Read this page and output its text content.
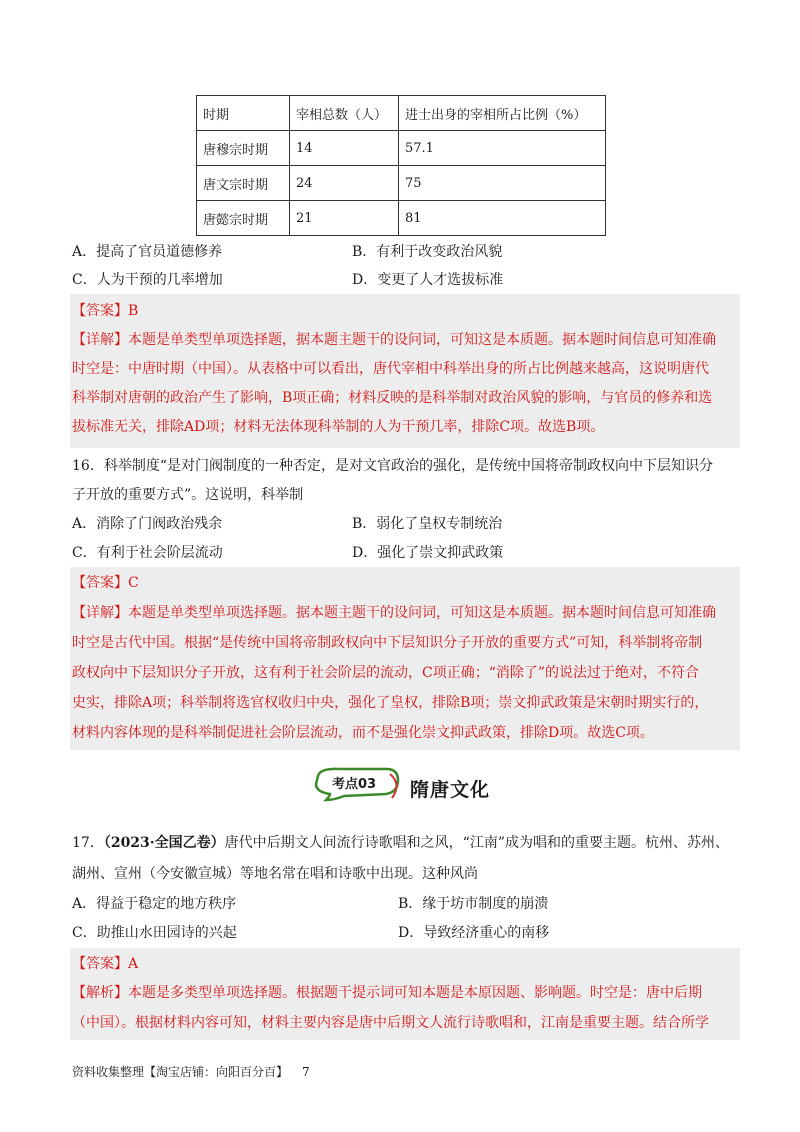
时期	宰相总数（人）	进士出身的宰相所占比例（%）
唐穆宗时期	14	57.1
唐文宗时期	24	75
唐懿宗时期	21	81
A．提高了官员道德修养	B．有利于改变政治风貌
C．人为干预的几率增加	D．变更了人才选拔标准
【答案】B
【详解】本题是单类型单项选择题，据本题主题干的设问词，可知这是本质题。据本题时间信息可知准确
时空是：中唐时期（中国）。从表格中可以看出，唐代宰相中科举出身的所占比例越来越高，这说明唐代
科举制对唐朝的政治产生了影响，B项正确；材料反映的是科举制对政治风貌的影响，与官员的修养和选
拔标准无关，排除AD项；材料无法体现科举制的人为干预几率，排除C项。故选B项。
16．科举制度“是对门阀制度的一种否定，是对文官政治的强化，是传统中国将帝制政权向中下层知识分
子开放的重要方式”。这说明，科举制
A．消除了门阀政治残余	B．弱化了皇权专制统治
C．有利于社会阶层流动	D．强化了崇文抑武政策
【答案】C
【详解】本题是单类型单项选择题。据本题主题干的设问词，可知这是本质题。据本题时间信息可知准确
时空是古代中国。根据“是传统中国将帝制政权向中下层知识分子开放的重要方式”可知，科举制将帝制
政权向中下层知识分子开放，这有利于社会阶层的流动，C项正确；“消除了”的说法过于绝对，不符合
史实，排除A项；科举制将选官权收归中央，强化了皇权，排除B项；崇文抑武政策是宋朝时期实行的，
材料内容体现的是科举制促进社会阶层流动，而不是强化崇文抑武政策，排除D项。故选C项。
考点03 隋唐文化
17．（2023·全国乙卷）唐代中后期文人间流行诗歌唱和之风，“江南”成为唱和的重要主题。杭州、苏州、
湖州、宣州（今安徽宣城）等地名常在唱和诗歌中出现。这种风尚
A．得益于稳定的地方秩序	B．缘于坊市制度的崩溃
C．助推山水田园诗的兴起	D．导致经济重心的南移
【答案】A
【解析】本题是多类型单项选择题。根据题干提示词可知本题是本原因题、影响题。时空是：唐中后期
（中国）。根据材料内容可知，材料主要内容是唐中后期文人流行诗歌唱和，江南是重要主题。结合所学
资料收集整理【淘宝店铺：向阳百分百】 7
